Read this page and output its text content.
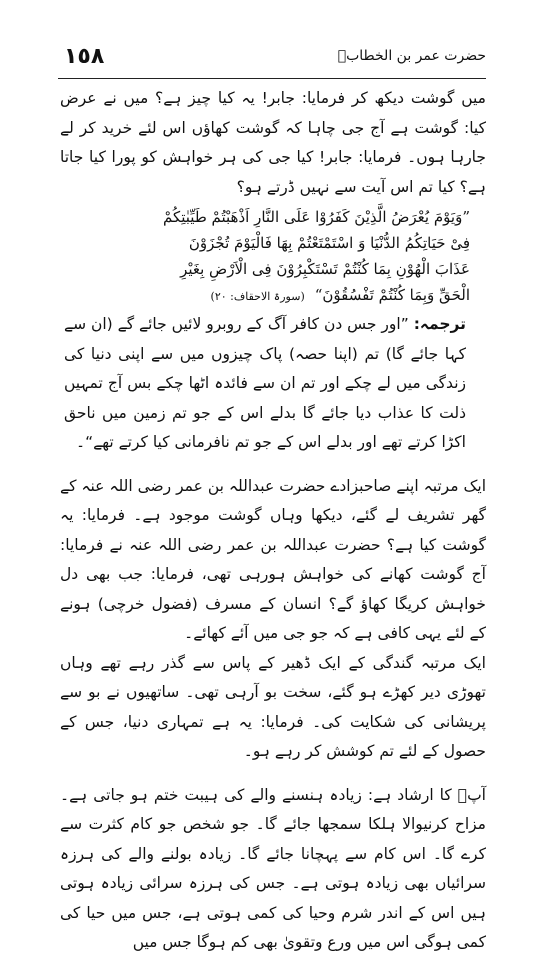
١٥٨	حضرت عمر بن الخطابؓ

میں گوشت دیکھ کر فرمایا: جابر! یہ کیا چیز ہے؟ میں نے عرض کیا: گوشت ہے آج جی چاہا کہ گوشت کھاؤں اس لئے خرید کر لے جارہا ہوں۔ فرمایا: جابر! کیا جی کی ہر خواہش کو پورا کیا جاتا ہے؟ کیا تم اس آیت سے نہیں ڈرتے ہو؟

”وَیَوْمَ یُعْرَضُ الَّذِیْنَ کَفَرُوْا عَلَی النَّارِ اَذْھَبْتُمْ طَیِّبٰتِکُمْ
فِیْ حَیَاتِکُمُ الدُّنْیَا وَ اسْتَمْتَعْتُمْ بِھَا فَالْیَوْمَ تُجْزَوْنَ
عَذَابَ الْھُوْنِ بِمَا کُنْتُمْ تَسْتَکْبِرُوْنَ فِی الْاَرْضِ بِغَیْرِ
الْحَقِّ وَبِمَا کُنْتُمْ تَفْسُقُوْنَ“(سورۃ الاحقاف: ٢٠)

ترجمہ: ”اور جس دن کافر آگ کے روبرو لائیں جائے گے (ان سے کہا جائے گا) تم (اپنا حصہ) پاک چیزوں میں سے اپنی دنیا کی زندگی میں لے چکے اور تم ان سے فائدہ اٹھا چکے بس آج تمہیں ذلت کا عذاب دیا جائے گا بدلے اس کے جو تم زمین میں ناحق اکڑا کرتے تھے اور بدلے اس کے جو تم نافرمانی کیا کرتے تھے“۔

ایک مرتبہ اپنے صاحبزادے حضرت عبداللہ بن عمر رضی اللہ عنہ کے گھر تشریف لے گئے، دیکھا وہاں گوشت موجود ہے۔ فرمایا: یہ گوشت کیا ہے؟ حضرت عبداللہ بن عمر رضی اللہ عنہ نے فرمایا: آج گوشت کھانے کی خواہش ہورہی تھی، فرمایا: جب بھی دل خواہش کریگا کھاؤ گے؟ انسان کے مسرف (فضول خرچی) ہونے کے لئے یہی کافی ہے کہ جو جی میں آئے کھائے۔

ایک مرتبہ گندگی کے ایک ڈھیر کے پاس سے گذر رہے تھے وہاں تھوڑی دیر کھڑے ہو گئے، سخت بو آرہی تھی۔ ساتھیوں نے بو سے پریشانی کی شکایت کی۔ فرمایا: یہ ہے تمہاری دنیا، جس کے حصول کے لئے تم کوشش کر رہے ہو۔

آپؓ کا ارشاد ہے: زیادہ ہنسنے والے کی ہیبت ختم ہو جاتی ہے۔ مزاح کرنیوالا ہلکا سمجھا جائے گا۔ جو شخص جو کام کثرت سے کرے گا۔ اس کام سے پہچانا جائے گا۔ زیادہ بولنے والے کی ہرزہ سرائیاں بھی زیادہ ہوتی ہے۔ جس کی ہرزہ سرائی زیادہ ہوتی ہیں اس کے اندر شرم وحیا کی کمی ہوتی ہے، جس میں حیا کی کمی ہوگی اس میں ورع وتقویٰ بھی کم ہوگا جس میں
